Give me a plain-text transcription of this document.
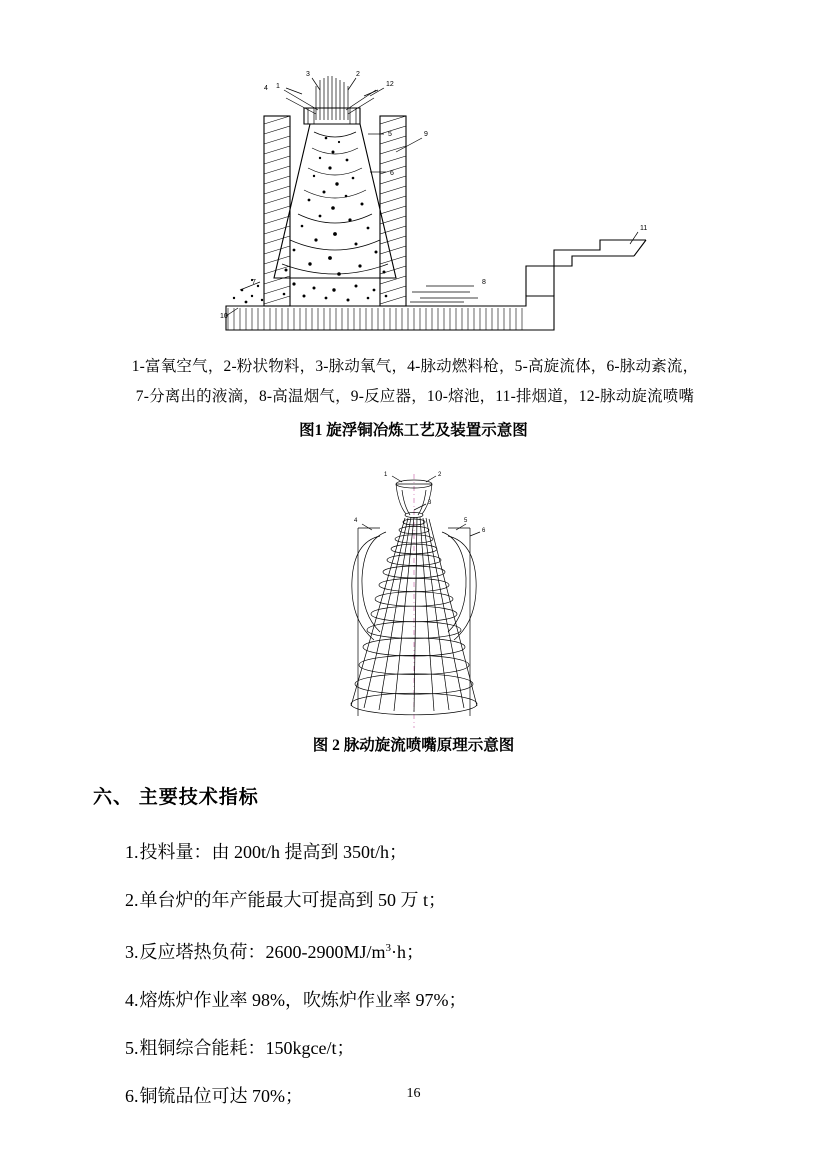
1
7
10
3	2
12
5
6
9
11
8
4
1-富氧空气，2-粉状物料，3-脉动氧气，4-脉动燃料枪，5-高旋流体，6-脉动紊流，
7-分离出的液滴，8-高温烟气，9-反应器，10-熔池，11-排烟道，12-脉动旋流喷嘴
图1 旋浮铜冶炼工艺及装置示意图
1	2
3
4	5
6
图 2 脉动旋流喷嘴原理示意图
六、 主要技术指标
1.投料量：由 200t/h 提高到 350t/h；
2.单台炉的年产能最大可提高到 50 万 t；
3.反应塔热负荷：$2600-2900MJ/m^3\cdot h$；
4.熔炼炉作业率 98%，吹炼炉作业率 97%；
5.粗铜综合能耗：150kgce/t；
6.铜锍品位可达 70%；	16
